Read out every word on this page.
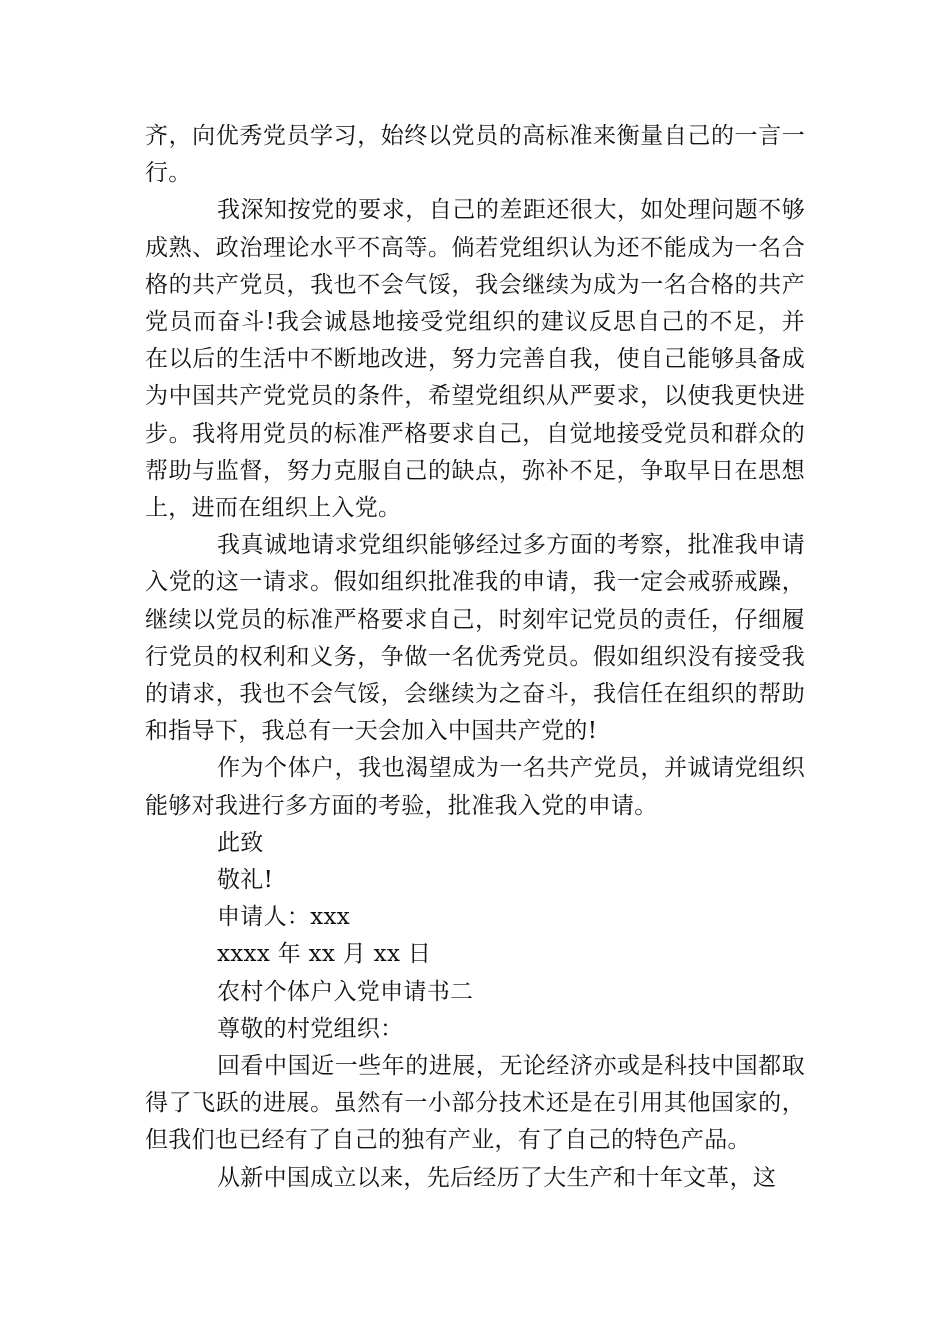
齐，向优秀党员学习，始终以党员的高标准来衡量自己的一言一行。

我深知按党的要求，自己的差距还很大，如处理问题不够成熟、政治理论水平不高等。倘若党组织认为还不能成为一名合格的共产党员，我也不会气馁，我会继续为成为一名合格的共产党员而奋斗!我会诚恳地接受党组织的建议反思自己的不足，并在以后的生活中不断地改进，努力完善自我，使自己能够具备成为中国共产党党员的条件，希望党组织从严要求，以使我更快进步。我将用党员的标准严格要求自己，自觉地接受党员和群众的帮助与监督，努力克服自己的缺点，弥补不足，争取早日在思想上，进而在组织上入党。

我真诚地请求党组织能够经过多方面的考察，批准我申请入党的这一请求。假如组织批准我的申请，我一定会戒骄戒躁，继续以党员的标准严格要求自己，时刻牢记党员的责任，仔细履行党员的权利和义务，争做一名优秀党员。假如组织没有接受我的请求，我也不会气馁，会继续为之奋斗，我信任在组织的帮助和指导下，我总有一天会加入中国共产党的!

作为个体户，我也渴望成为一名共产党员，并诚请党组织能够对我进行多方面的考验，批准我入党的申请。

此致

敬礼!

申请人：xxx

xxxx 年 xx 月 xx 日

农村个体户入党申请书二

尊敬的村党组织：

回看中国近一些年的进展，无论经济亦或是科技中国都取得了飞跃的进展。虽然有一小部分技术还是在引用其他国家的，但我们也已经有了自己的独有产业，有了自己的特色产品。

从新中国成立以来，先后经历了大生产和十年文革，这
